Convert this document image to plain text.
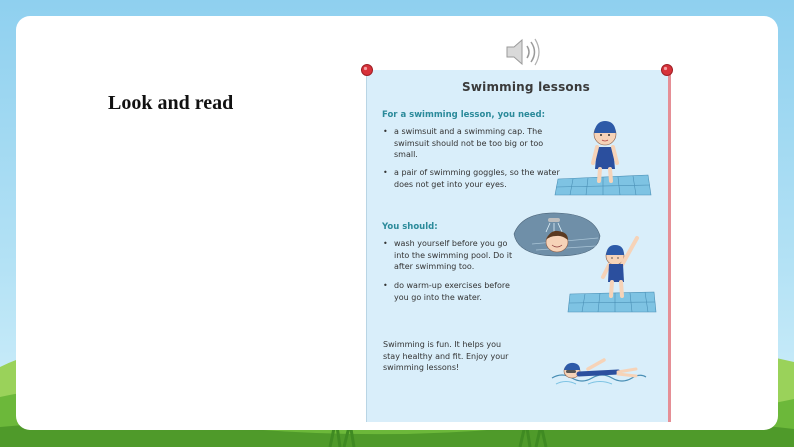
Look and read
Swimming lessons
For a swimming lesson, you need:
• a swimsuit and a swimming cap. The swimsuit should not be too big or too small.
• a pair of swimming goggles, so the water does not get into your eyes.
You should:
• wash yourself before you go into the swimming pool. Do it after swimming too.
• do warm-up exercises before you go into the water.

Swimming is fun. It helps you stay healthy and fit. Enjoy your swimming lessons!
